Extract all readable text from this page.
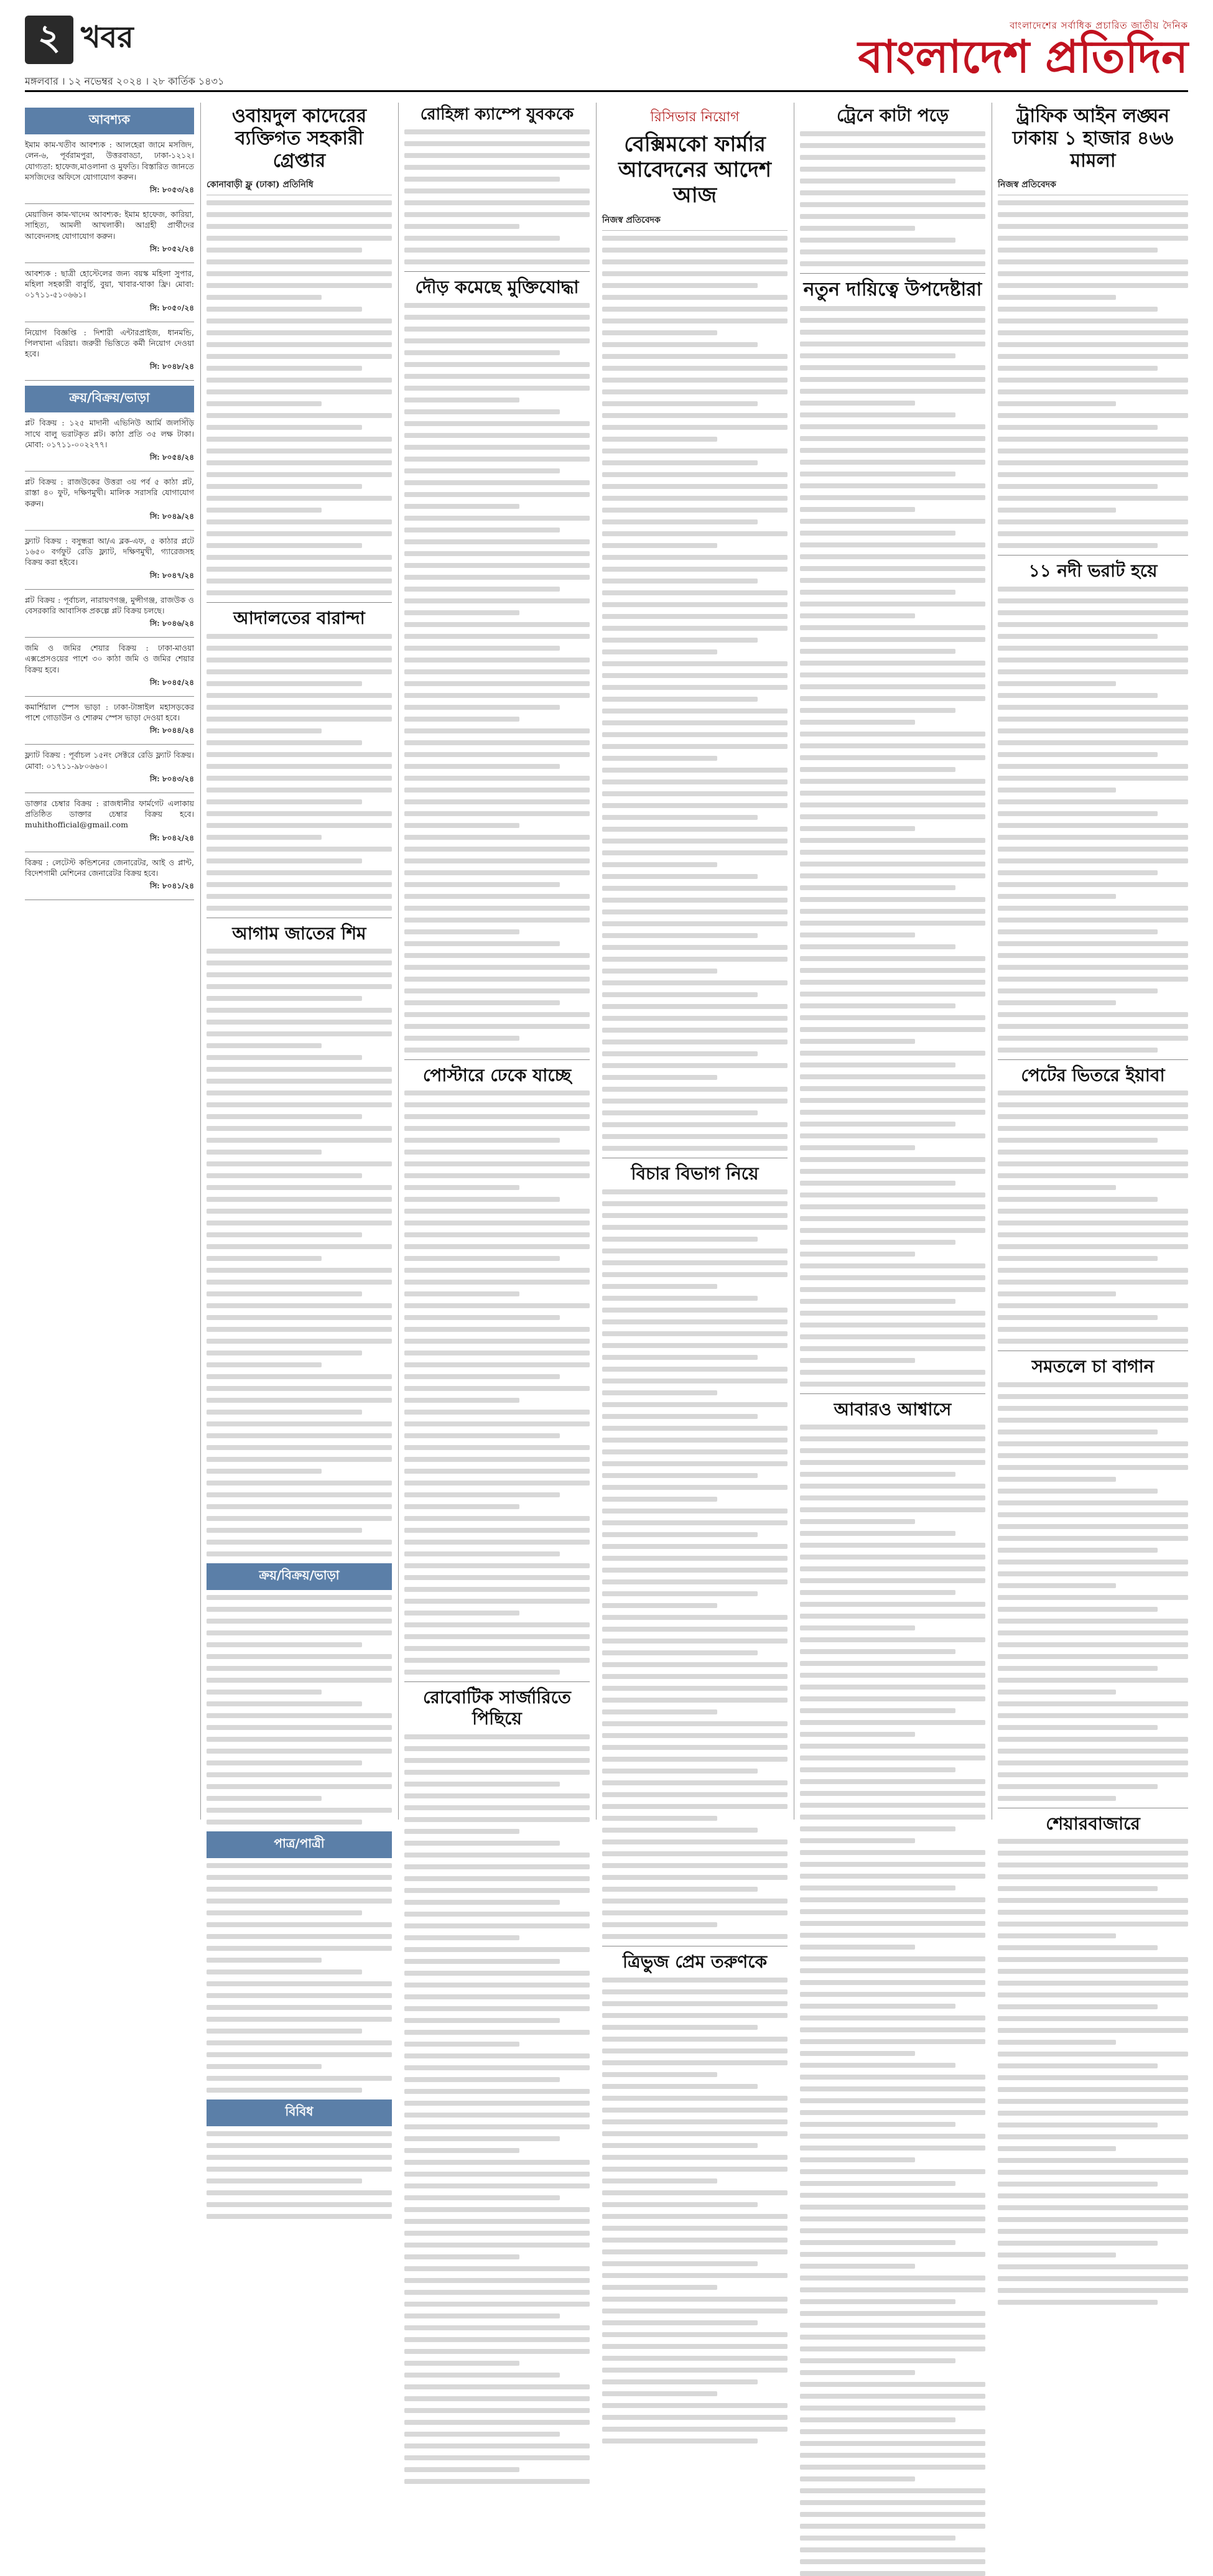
২ খবর
মঙ্গলবার । ১২ নভেম্বর ২০২৪ । ২৮ কার্তিক ১৪৩১
বাংলাদেশের সর্বাধিক প্রচারিত জাতীয় দৈনিক
বাংলাদেশ প্রতিদিন
আবশ্যক
ইমাম কাম-খতীব আবশ্যক : আলহেরা জামে মসজিদ, লেন-৬, পূর্বরামপুরা, উত্তরবাড্ডা, ঢাকা-১২১২। যোগ্যতা: হাফেজ,মাওলানা ও মুফতি। বিস্তারিত জানতে মসজিদের অফিসে যোগাযোগ করুন।
সি: ৮০৫৩/২৪
মেয়াজিন কাম-খাদেম আবশ্যক: ইমাম হাফেজ, কারিয়া, সাহিত্য, আমলী আখলাকী। আগ্রহী প্রার্থীদের আবেদনসহ যোগাযোগ করুন।
সি: ৮০৫২/২৪
আবশ্যক : ছাত্রী হোস্টেলের জন্য বয়স্ক মহিলা সুপার, মহিলা সহকারী বাবুর্চি, বুয়া, খাবার-থাকা ফ্রি। মোবা: ০১৭১১-৫১০৬৬১।
সি: ৮০৫০/২৪
নিয়োগ বিজ্ঞপ্তি : দিশারী এন্টারপ্রাইজ, ধানমন্ডি, পিলখানা এরিয়া। জরুরী ভিত্তিতে কর্মী নিয়োগ দেওয়া হবে।
সি: ৮০৪৮/২৪
ক্রয়/বিক্রয়/ভাড়া
প্লট বিক্রয় : ১২৫ মাদানী এভিনিউ আর্মি জলসিঁড়ি সাথে বালু ভরাটকৃত প্লট। কাঠা প্রতি ৩৫ লক্ষ টাকা। মোবা: ০১৭১১-০০২২৭৭।
সি: ৮০৫৪/২৪
প্লট বিক্রয় : রাজউকের উত্তরা ৩য় পর্ব ৫ কাঠা প্লট, রাস্তা ৪০ ফুট, দক্ষিণমুখী। মালিক সরাসরি যোগাযোগ করুন।
সি: ৮০৪৯/২৪
ফ্ল্যাট বিক্রয় : বসুন্ধরা আ/এ ব্লক-এফ, ৫ কাঠার প্লটে ১৬৫০ বর্গফুট রেডি ফ্ল্যাট, দক্ষিণমুখী, গ্যারেজসহ বিক্রয় করা হইবে।
সি: ৮০৪৭/২৪
প্লট বিক্রয় : পূর্বাচল, নারায়ণগঞ্জ, মুন্সীগঞ্জ, রাজউক ও বেসরকারি আবাসিক প্রকল্পে প্লট বিক্রয় চলছে।
সি: ৮০৪৬/২৪
জমি ও জমির শেয়ার বিক্রয় : ঢাকা-মাওয়া এক্সপ্রেসওয়ের পাশে ৩০ কাঠা জমি ও জমির শেয়ার বিক্রয় হবে।
সি: ৮০৪৫/২৪
কমার্শিয়াল স্পেস ভাড়া : ঢাকা-টাঙ্গাইল মহাসড়কের পাশে গোডাউন ও শোরুম স্পেস ভাড়া দেওয়া হবে।
সি: ৮০৪৪/২৪
ফ্ল্যাট বিক্রয় : পূর্বাচল ১৫নং সেক্টরে রেডি ফ্ল্যাট বিক্রয়। মোবা: ০১৭১১-৯৮০৬৬০।
সি: ৮০৪৩/২৪
ডাক্তার চেম্বার বিক্রয় : রাজধানীর ফার্মগেট এলাকায় প্রতিষ্ঠিত ডাক্তার চেম্বার বিক্রয় হবে। muhithofficial@gmail.com
সি: ৮০৪২/২৪
বিক্রয় : লেটেস্ট কন্ডিশনের জেনারেটর, আই ও প্লান্ট, বিদেশগামী মেশিনের জেনারেটর বিক্রয় হবে।
সি: ৮০৪১/২৪
ওবায়দুল কাদেরের ব্যক্তিগত সহকারী গ্রেপ্তার
কোনাবাড়ী ফ্লু (ঢাকা) প্রতিনিধি
আদালতের বারান্দা
আগাম জাতের শিম
ক্রয়/বিক্রয়/ভাড়া
পাত্র/পাত্রী
বিবিধ
রোহিঙ্গা ক্যাম্পে যুবককে
দৌড় কমেছে মুক্তিযোদ্ধা
পোস্টারে ঢেকে যাচ্ছে
রোবোটিক সার্জারিতে পিছিয়ে
রিসিভার নিয়োগ
বেক্সিমকো ফার্মার আবেদনের আদেশ আজ
নিজস্ব প্রতিবেদক
বিচার বিভাগ নিয়ে
ত্রিভুজ প্রেম তরুণকে
ট্রেনে কাটা পড়ে
নতুন দায়িত্বে উপদেষ্টারা
আবারও আশ্বাসে
ট্রাফিক আইন লঙ্ঘন ঢাকায় ১ হাজার ৪৬৬ মামলা
নিজস্ব প্রতিবেদক
১১ নদী ভরাট হয়ে
পেটের ভিতরে ইয়াবা
সমতলে চা বাগান
শেয়ারবাজারে
